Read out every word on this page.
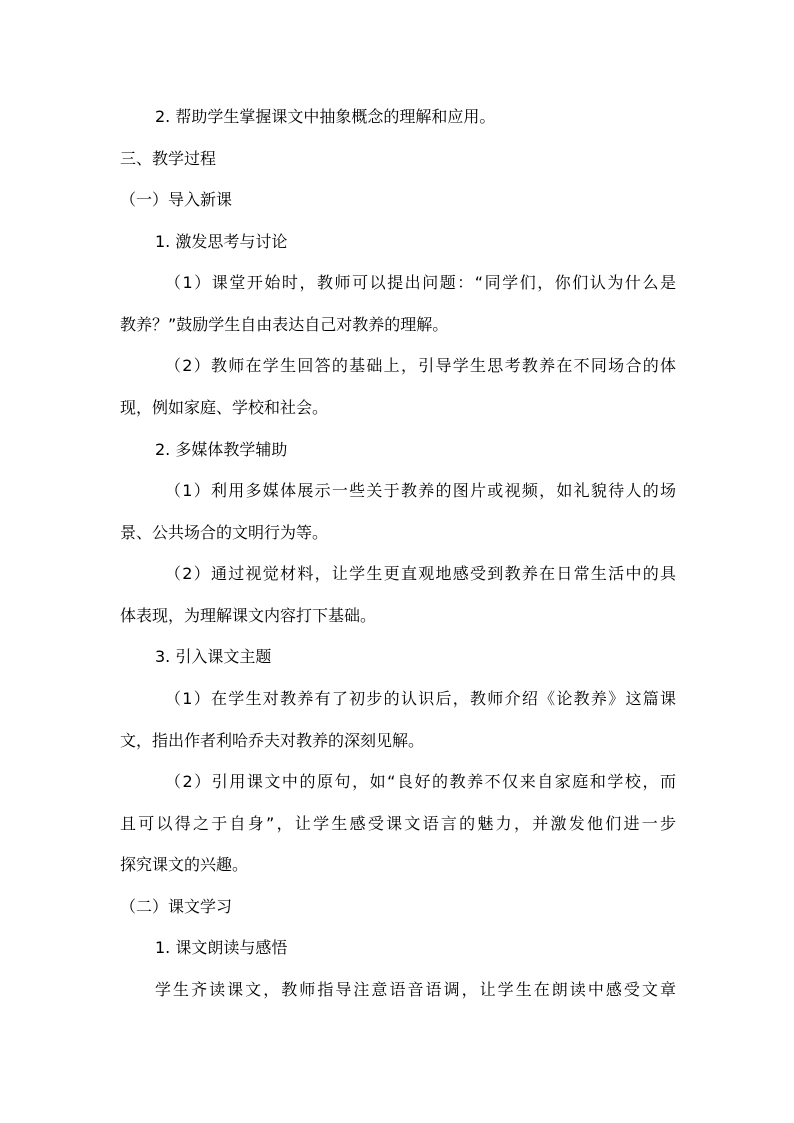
2. 帮助学生掌握课文中抽象概念的理解和应用。
三、教学过程
（一）导入新课
1. 激发思考与讨论
（1）课堂开始时，教师可以提出问题：“同学们，你们认为什么是
教养？”鼓励学生自由表达自己对教养的理解。
（2）教师在学生回答的基础上，引导学生思考教养在不同场合的体
现，例如家庭、学校和社会。
2. 多媒体教学辅助
（1）利用多媒体展示一些关于教养的图片或视频，如礼貌待人的场
景、公共场合的文明行为等。
（2）通过视觉材料，让学生更直观地感受到教养在日常生活中的具
体表现，为理解课文内容打下基础。
3. 引入课文主题
（1）在学生对教养有了初步的认识后，教师介绍《论教养》这篇课
文，指出作者利哈乔夫对教养的深刻见解。
（2）引用课文中的原句，如“良好的教养不仅来自家庭和学校，而
且可以得之于自身”，让学生感受课文语言的魅力，并激发他们进一步
探究课文的兴趣。
（二）课文学习
1. 课文朗读与感悟
学生齐读课文，教师指导注意语音语调，让学生在朗读中感受文章
